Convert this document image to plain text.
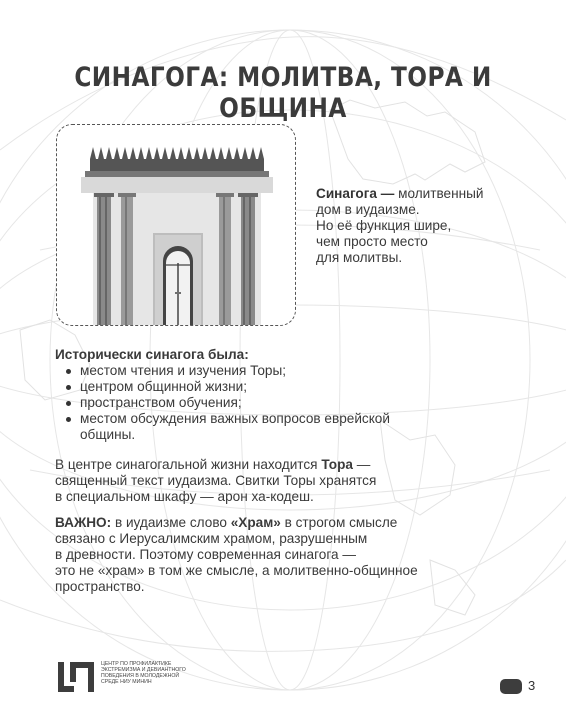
СИНАГОГА: МОЛИТВА, ТОРА И ОБЩИНА
Синагога — молитвенный
дом в иудаизме.
Но её функция шире,
чем просто место
для молитвы.
Исторически синагога была:
местом чтения и изучения Торы;
центром общинной жизни;
пространством обучения;
местом обсуждения важных вопросов еврейской
общины.
В центре синагогальной жизни находится Тора —
священный текст иудаизма. Свитки Торы хранятся
в специальном шкафу — арон ха-кодеш.
ВАЖНО: в иудаизме слово «Храм» в строгом смысле
связано с Иерусалимским храмом, разрушенным
в древности. Поэтому современная синагога —
это не «храм» в том же смысле, а молитвенно-общинное
пространство.
ЦЕНТР ПО ПРОФИЛАКТИКЕ
ЭКСТРЕМИЗМА И ДЕВИАНТНОГО
ПОВЕДЕНИЯ В МОЛОДЕЖНОЙ
СРЕДЕ НИУ МИНИН	3
